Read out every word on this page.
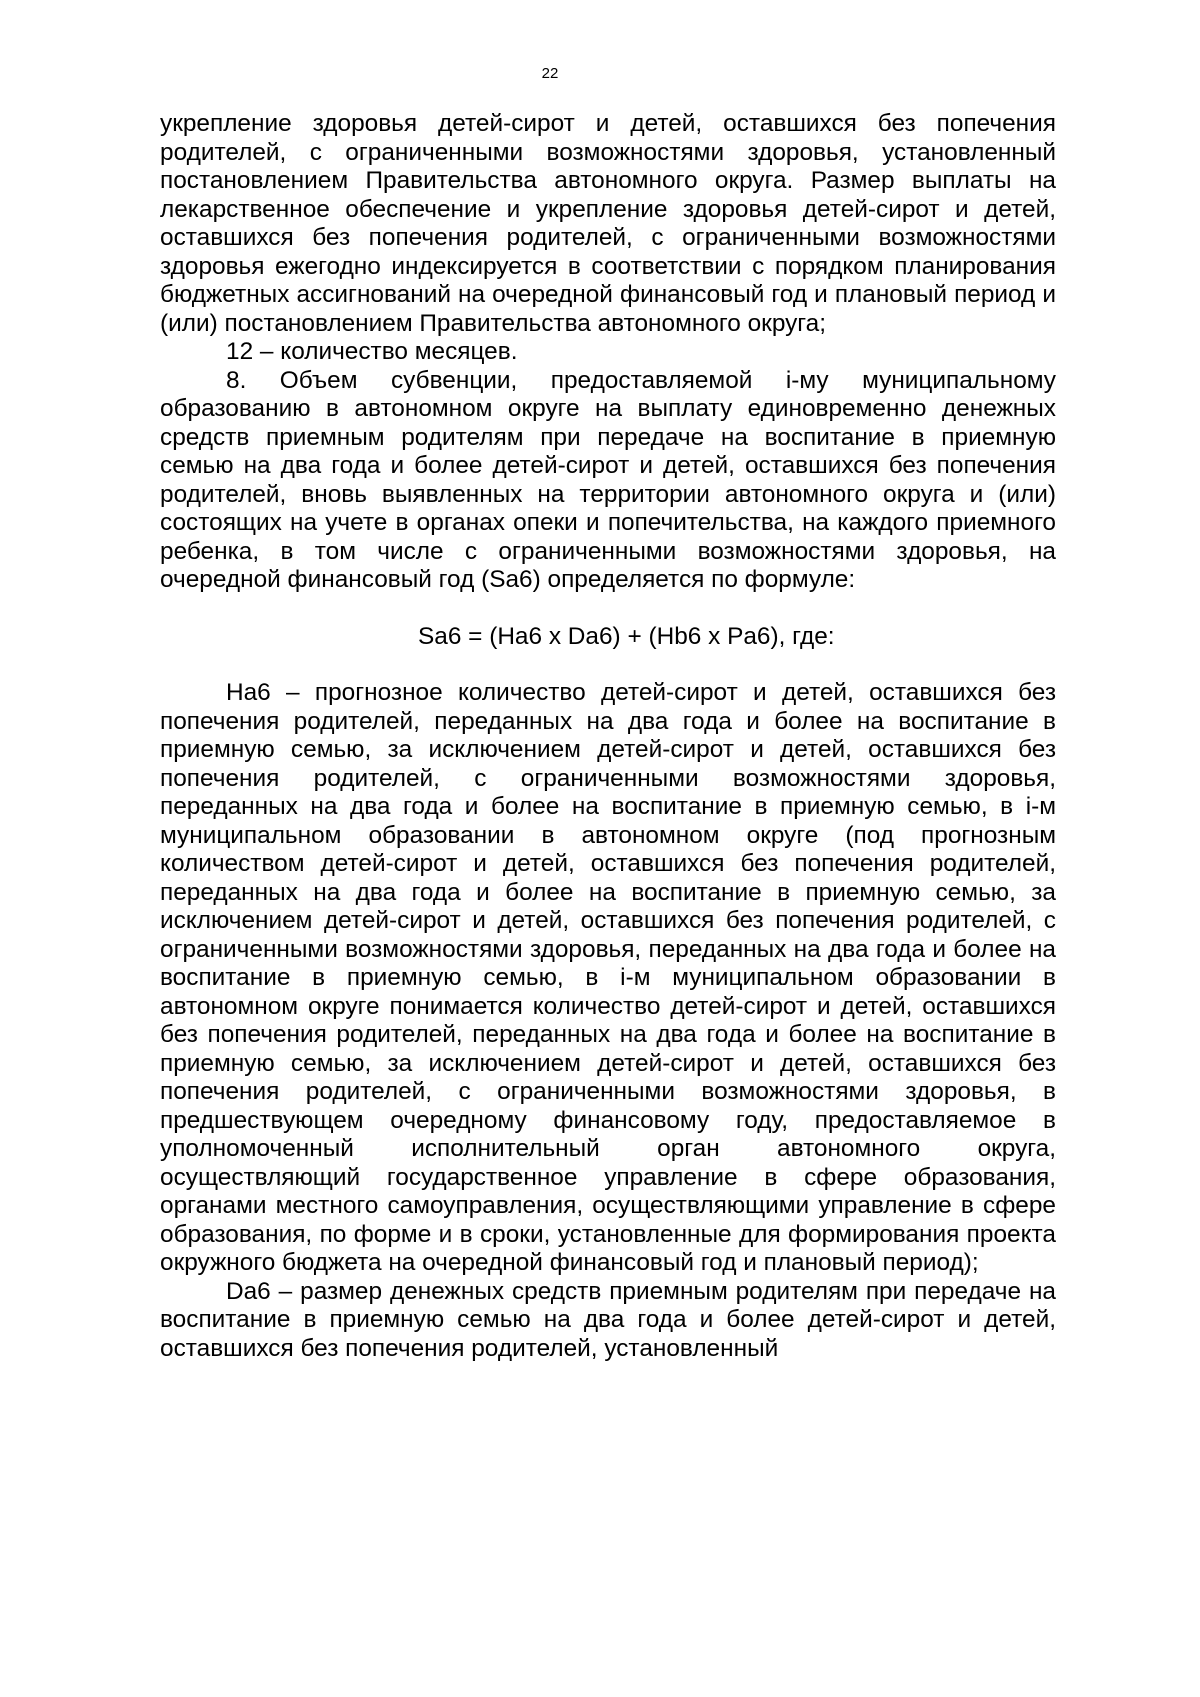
22

укрепление здоровья детей-сирот и детей, оставшихся без попечения родителей, с ограниченными возможностями здоровья, установленный постановлением Правительства автономного округа. Размер выплаты на лекарственное обеспечение и укрепление здоровья детей-сирот и детей, оставшихся без попечения родителей, с ограниченными возможностями здоровья ежегодно индексируется в соответствии с порядком планирования бюджетных ассигнований на очередной финансовый год и плановый период и (или) постановлением Правительства автономного округа;

12 – количество месяцев.

8. Объем субвенции, предоставляемой i-му муниципальному образованию в автономном округе на выплату единовременно денежных средств приемным родителям при передаче на воспитание в приемную семью на два года и более детей-сирот и детей, оставшихся без попечения родителей, вновь выявленных на территории автономного округа и (или) состоящих на учете в органах опеки и попечительства, на каждого приемного ребенка, в том числе с ограниченными возможностями здоровья, на очередной финансовый год (Sа6) определяется по формуле:

Sа6 = (Hа6 x Dа6) + (Hb6 x Pа6), где:

Hа6 – прогнозное количество детей-сирот и детей, оставшихся без попечения родителей, переданных на два года и более на воспитание в приемную семью, за исключением детей-сирот и детей, оставшихся без попечения родителей, с ограниченными возможностями здоровья, переданных на два года и более на воспитание в приемную семью, в i-м муниципальном образовании в автономном округе (под прогнозным количеством детей-сирот и детей, оставшихся без попечения родителей, переданных на два года и более на воспитание в приемную семью, за исключением детей-сирот и детей, оставшихся без попечения родителей, с ограниченными возможностями здоровья, переданных на два года и более на воспитание в приемную семью, в i-м муниципальном образовании в автономном округе понимается количество детей-сирот и детей, оставшихся без попечения родителей, переданных на два года и более на воспитание в приемную семью, за исключением детей-сирот и детей, оставшихся без попечения родителей, с ограниченными возможностями здоровья, в предшествующем очередному финансовому году, предоставляемое в уполномоченный исполнительный орган автономного округа, осуществляющий государственное управление в сфере образования, органами местного самоуправления, осуществляющими управление в сфере образования, по форме и в сроки, установленные для формирования проекта окружного бюджета на очередной финансовый год и плановый период);

Dа6 – размер денежных средств приемным родителям при передаче на воспитание в приемную семью на два года и более детей-сирот и детей, оставшихся без попечения родителей, установленный
